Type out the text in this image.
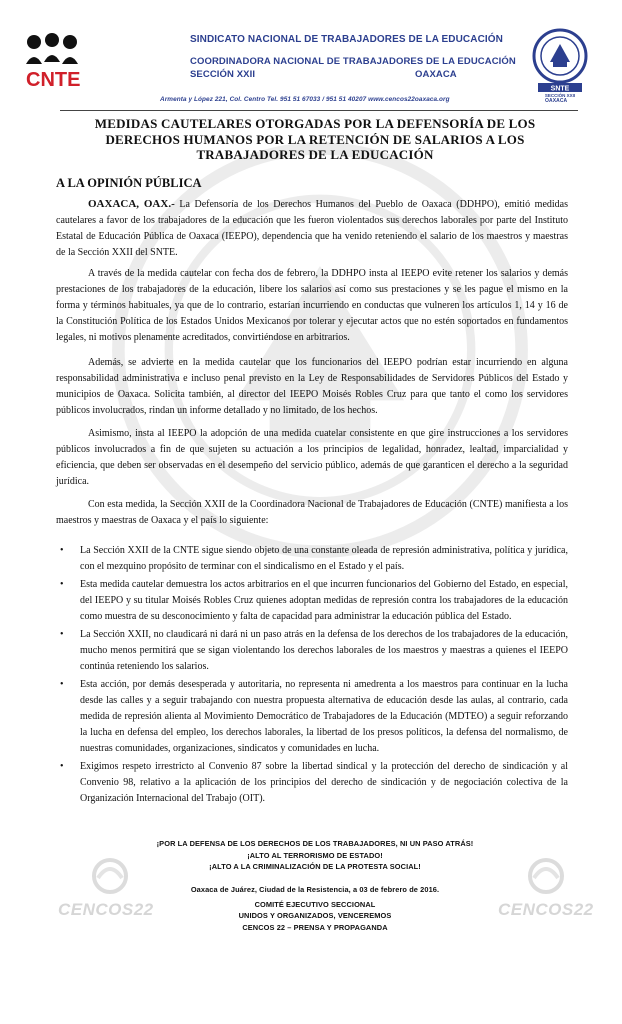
CNTE	SNTE
SECCIÓN XXII
OAXACA
SINDICATO NACIONAL DE TRABAJADORES DE LA EDUCACIÓN
COORDINADORA NACIONAL DE TRABAJADORES DE LA EDUCACIÓN
SECCIÓN XXII	OAXACA
Armenta y López 221, Col. Centro Tel. 951 51 67033 / 951 51 40207 www.cencos22oaxaca.org
MEDIDAS CAUTELARES OTORGADAS POR LA DEFENSORÍA DE LOS DERECHOS HUMANOS POR LA RETENCIÓN DE SALARIOS A LOS TRABAJADORES DE LA EDUCACIÓN
A LA OPINIÓN PÚBLICA

OAXACA, OAX.- La Defensoría de los Derechos Humanos del Pueblo de Oaxaca (DDHPO), emitió medidas cautelares a favor de los trabajadores de la educación que les fueron violentados sus derechos laborales por parte del Instituto Estatal de Educación Pública de Oaxaca (IEEPO), dependencia que ha venido reteniendo el salario de los maestros y maestras de la Sección XXII del SNTE.

A través de la medida cautelar con fecha dos de febrero, la DDHPO insta al IEEPO evite retener los salarios y demás prestaciones de los trabajadores de la educación, libere los salarios así como sus prestaciones y se les pague el mismo en la forma y términos habituales, ya que de lo contrario, estarían incurriendo en conductas que vulneren los artículos 1, 14 y 16 de la Constitución Política de los Estados Unidos Mexicanos por tolerar y ejecutar actos que no estén soportados en fundamentos legales, ni motivos plenamente acreditados, convirtiéndose en arbitrarios.

Además, se advierte en la medida cautelar que los funcionarios del IEEPO podrían estar incurriendo en alguna responsabilidad administrativa e incluso penal previsto en la Ley de Responsabilidades de Servidores Públicos del Estado y municipios de Oaxaca. Solicita también, al director del IEEPO Moisés Robles Cruz para que tanto el como los servidores públicos involucrados, rindan un informe detallado y no limitado, de los hechos.

Asimismo, insta al IEEPO la adopción de una medida cuatelar consistente en que gire instrucciones a los servidores públicos involucrados a fin de que sujeten su actuación a los principios de legalidad, honradez, lealtad, imparcialidad y eficiencia, que deben ser observadas en el desempeño del servicio público, además de que garanticen el derecho a la seguridad jurídica.

Con esta medida, la Sección XXII de la Coordinadora Nacional de Trabajadores de Educación (CNTE) manifiesta a los maestros y maestras de Oaxaca y el país lo siguiente:

• La Sección XXII de la CNTE sigue siendo objeto de una constante oleada de represión administrativa, política y jurídica, con el mezquino propósito de terminar con el sindicalismo en el Estado y el país.
• Esta medida cautelar demuestra los actos arbitrarios en el que incurren funcionarios del Gobierno del Estado, en especial, del IEEPO y su titular Moisés Robles Cruz quienes adoptan medidas de represión contra los trabajadores de la educación como muestra de su desconocimiento y falta de capacidad para administrar la educación pública del Estado.
• La Sección XXII, no claudicará ni dará ni un paso atrás en la defensa de los derechos de los trabajadores de la educación, mucho menos permitirá que se sigan violentando los derechos laborales de los maestros y maestras a quienes el IEEPO continúa reteniendo los salarios.
• Esta acción, por demás desesperada y autoritaria, no representa ni amedrenta a los maestros para continuar en la lucha desde las calles y a seguir trabajando con nuestra propuesta alternativa de educación desde las aulas, al contrario, cada medida de represión alienta al Movimiento Democrático de Trabajadores de la Educación (MDTEO) a seguir reforzando la lucha en defensa del empleo, los derechos laborales, la libertad de los presos políticos, la defensa del normalismo, de nuestras comunidades, organizaciones, sindicatos y comunidades en lucha.
• Exigimos respeto irrestricto al Convenio 87 sobre la libertad sindical y la protección del derecho de sindicación y al Convenio 98, relativo a la aplicación de los principios del derecho de sindicación y de negociación colectiva de la Organización Internacional del Trabajo (OIT).
CENCOS22	CENCOS22
¡POR LA DEFENSA DE LOS DERECHOS DE LOS TRABAJADORES, NI UN PASO ATRÁS!
¡ALTO AL TERRORISMO DE ESTADO!
¡ALTO A LA CRIMINALIZACIÓN DE LA PROTESTA SOCIAL!
Oaxaca de Juárez, Ciudad de la Resistencia, a 03 de febrero de 2016.
COMITÉ EJECUTIVO SECCIONAL
UNIDOS Y ORGANIZADOS, VENCEREMOS
CENCOS 22 – PRENSA Y PROPAGANDA
